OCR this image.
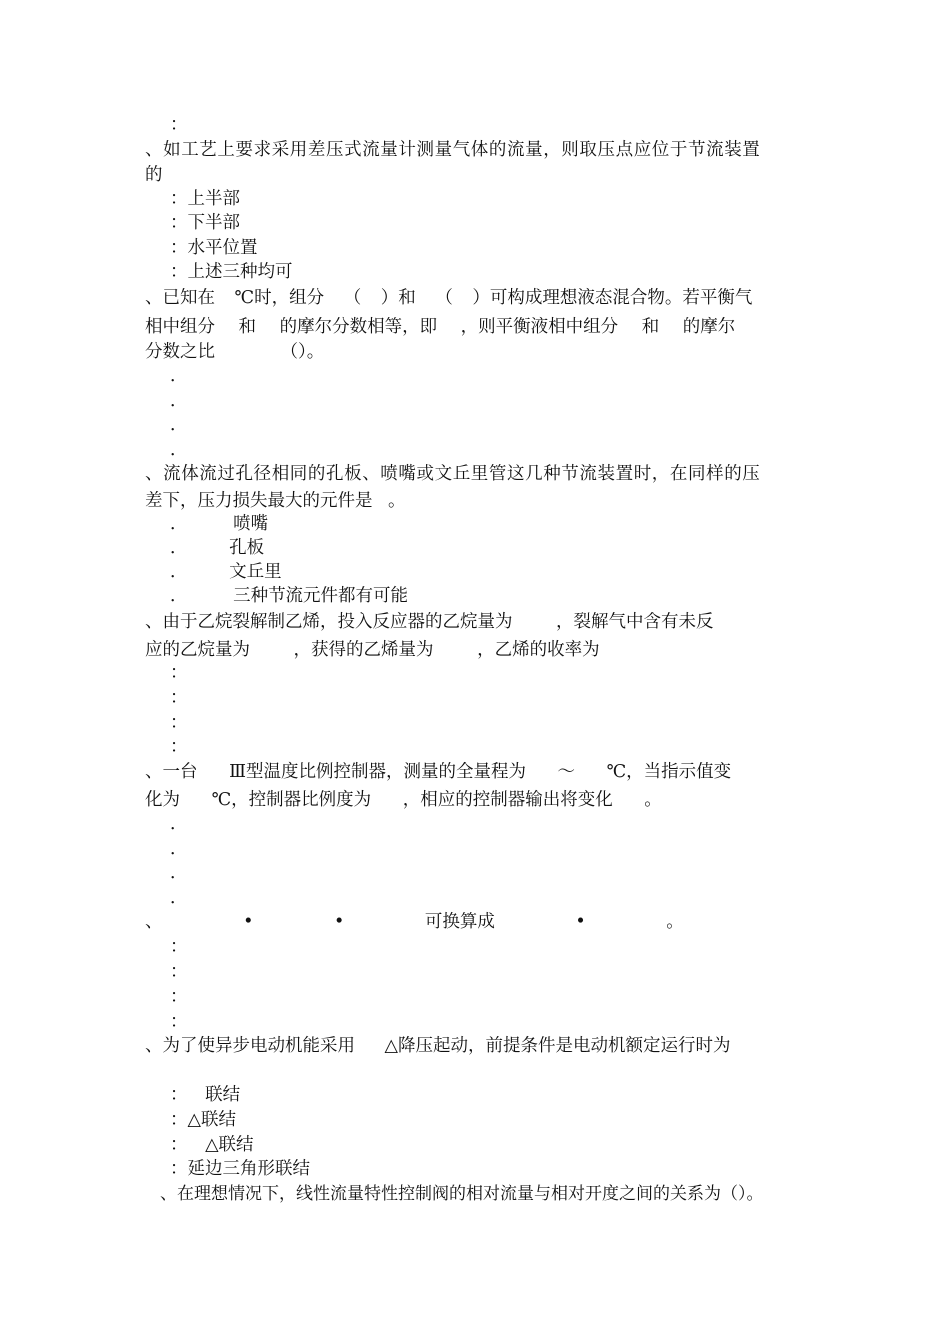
：
、如工艺上要求采用差压式流量计测量气体的流量，则取压点应位于节流装置
的
：上半部
：下半部
：水平位置
：上述三种均可
、已知在 ℃时，组分 （ ）和 （ ）可构成理想液态混合物。若平衡气
相中组分 和 的摩尔分数相等，即 ，则平衡液相中组分 和 的摩尔
分数之比 （）。
．
．
．
．
、流体流过孔径相同的孔板、喷嘴或文丘里管这几种节流装置时，在同样的压
差下，压力损失最大的元件是 。
． 喷嘴
． 孔板
． 文丘里
． 三种节流元件都有可能
、由于乙烷裂解制乙烯，投入反应器的乙烷量为 ，裂解气中含有未反
应的乙烷量为 ，获得的乙烯量为 ，乙烯的收率为
：
：
：
：
、一台 Ⅲ型温度比例控制器，测量的全量程为 ～ ℃，当指示值变
化为 ℃，控制器比例度为 ，相应的控制器输出将变化 。
．
．
．
．
、 • • 可换算成 • 。
：
：
：
：
、为了使异步电动机能采用 △降压起动，前提条件是电动机额定运行时为
： 联结
：△联结
： △联结
：延边三角形联结
、在理想情况下，线性流量特性控制阀的相对流量与相对开度之间的关系为（）。
